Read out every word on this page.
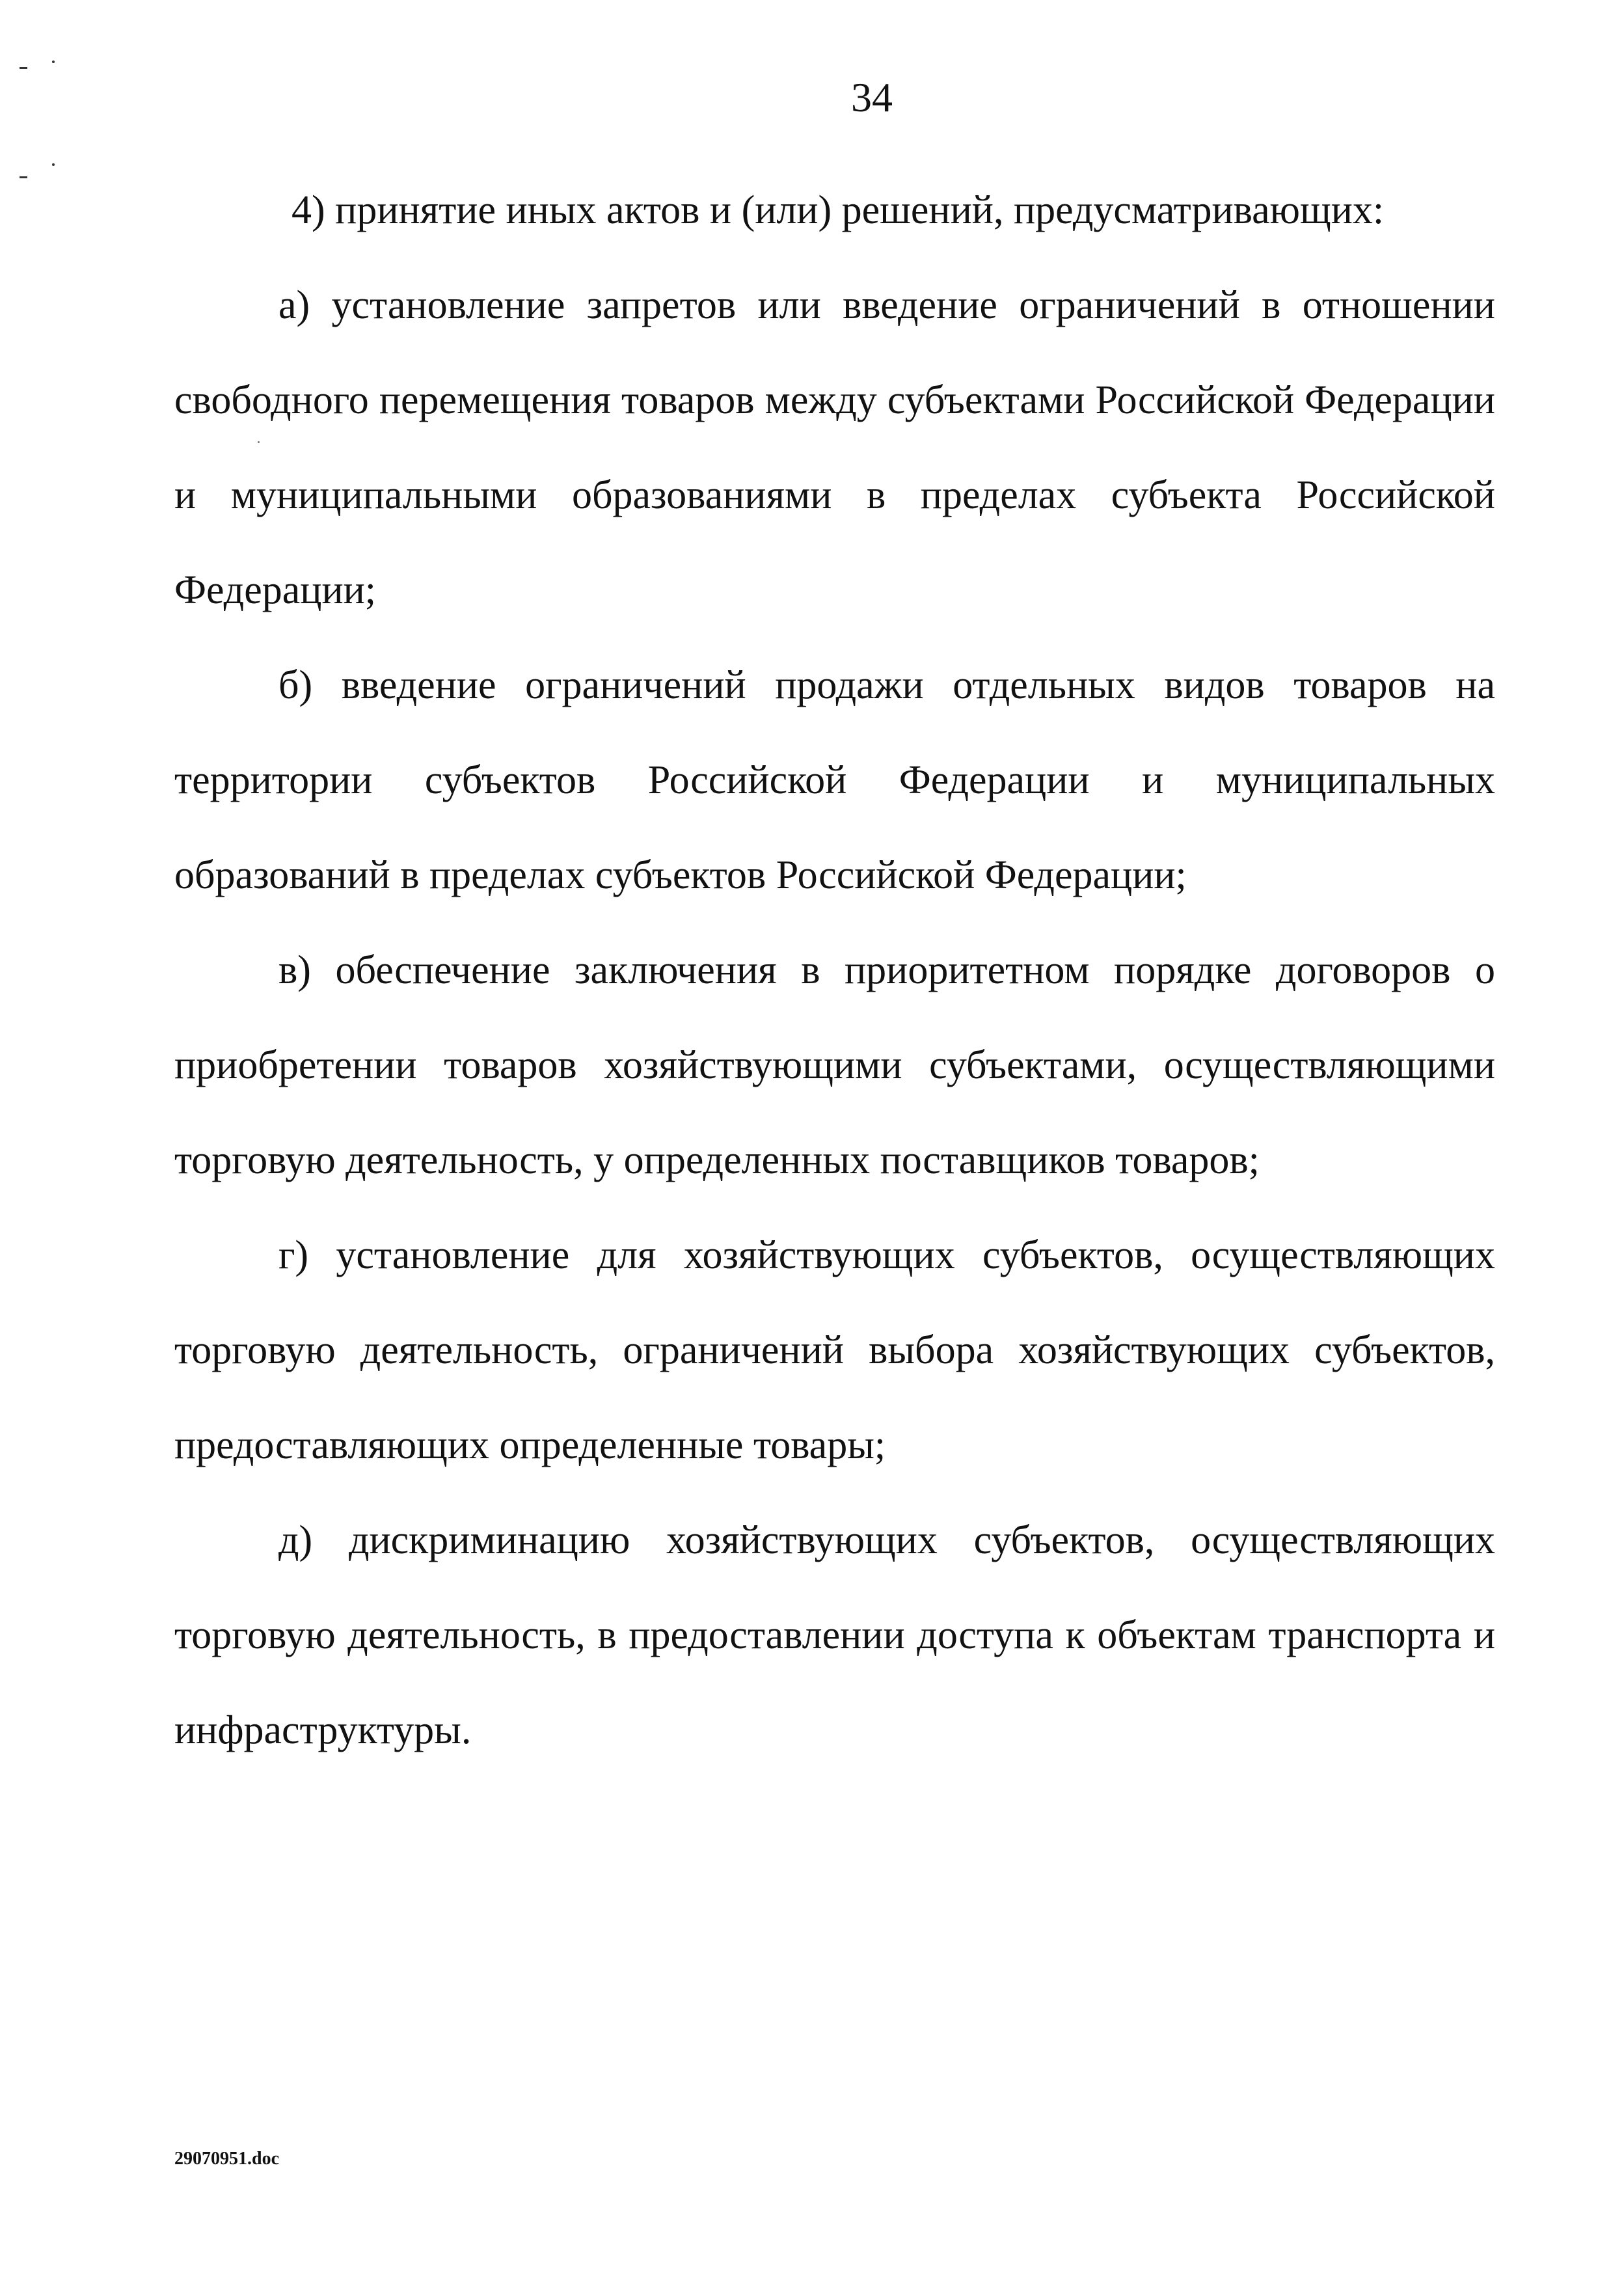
34

4) принятие иных актов и (или) решений, предусматривающих:

а) установление запретов или введение ограничений в отношении свободного перемещения товаров между субъектами Российской Федерации и муниципальными образованиями в пределах субъекта Российской Федерации;

б) введение ограничений продажи отдельных видов товаров на территории субъектов Российской Федерации и муниципальных образований в пределах субъектов Российской Федерации;

в) обеспечение заключения в приоритетном порядке договоров о приобретении товаров хозяйствующими субъектами, осуществляющими торговую деятельность, у определенных поставщиков товаров;

г) установление для хозяйствующих субъектов, осуществляющих торговую деятельность, ограничений выбора хозяйствующих субъектов, предоставляющих определенные товары;

д) дискриминацию хозяйствующих субъектов, осуществляющих торговую деятельность, в предоставлении доступа к объектам транспорта и инфраструктуры.

29070951.doc
